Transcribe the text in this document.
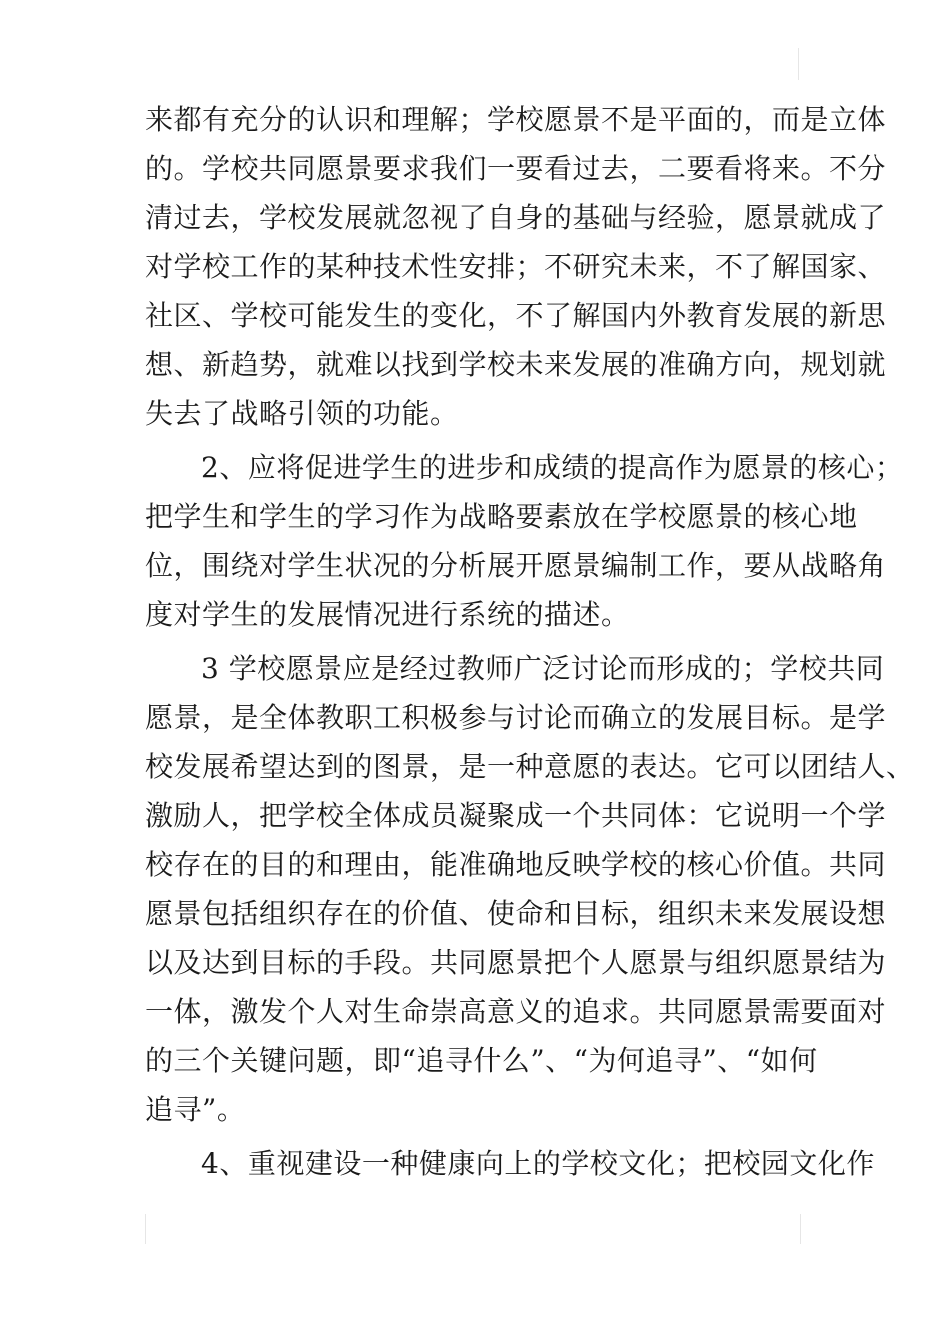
来都有充分的认识和理解；学校愿景不是平面的，而是立体
的。学校共同愿景要求我们一要看过去，二要看将来。不分
清过去，学校发展就忽视了自身的基础与经验，愿景就成了
对学校工作的某种技术性安排；不研究未来，不了解国家、
社区、学校可能发生的变化，不了解国内外教育发展的新思
想、新趋势，就难以找到学校未来发展的准确方向，规划就
失去了战略引领的功能。
2、应将促进学生的进步和成绩的提高作为愿景的核心；
把学生和学生的学习作为战略要素放在学校愿景的核心地
位，围绕对学生状况的分析展开愿景编制工作，要从战略角
度对学生的发展情况进行系统的描述。
3 学校愿景应是经过教师广泛讨论而形成的；学校共同
愿景，是全体教职工积极参与讨论而确立的发展目标。是学
校发展希望达到的图景，是一种意愿的表达。它可以团结人、
激励人，把学校全体成员凝聚成一个共同体：它说明一个学
校存在的目的和理由，能准确地反映学校的核心价值。共同
愿景包括组织存在的价值、使命和目标，组织未来发展设想
以及达到目标的手段。共同愿景把个人愿景与组织愿景结为
一体，激发个人对生命崇高意义的追求。共同愿景需要面对
的三个关键问题，即“追寻什么”、“为何追寻”、“如何
追寻”。
4、重视建设一种健康向上的学校文化；把校园文化作
